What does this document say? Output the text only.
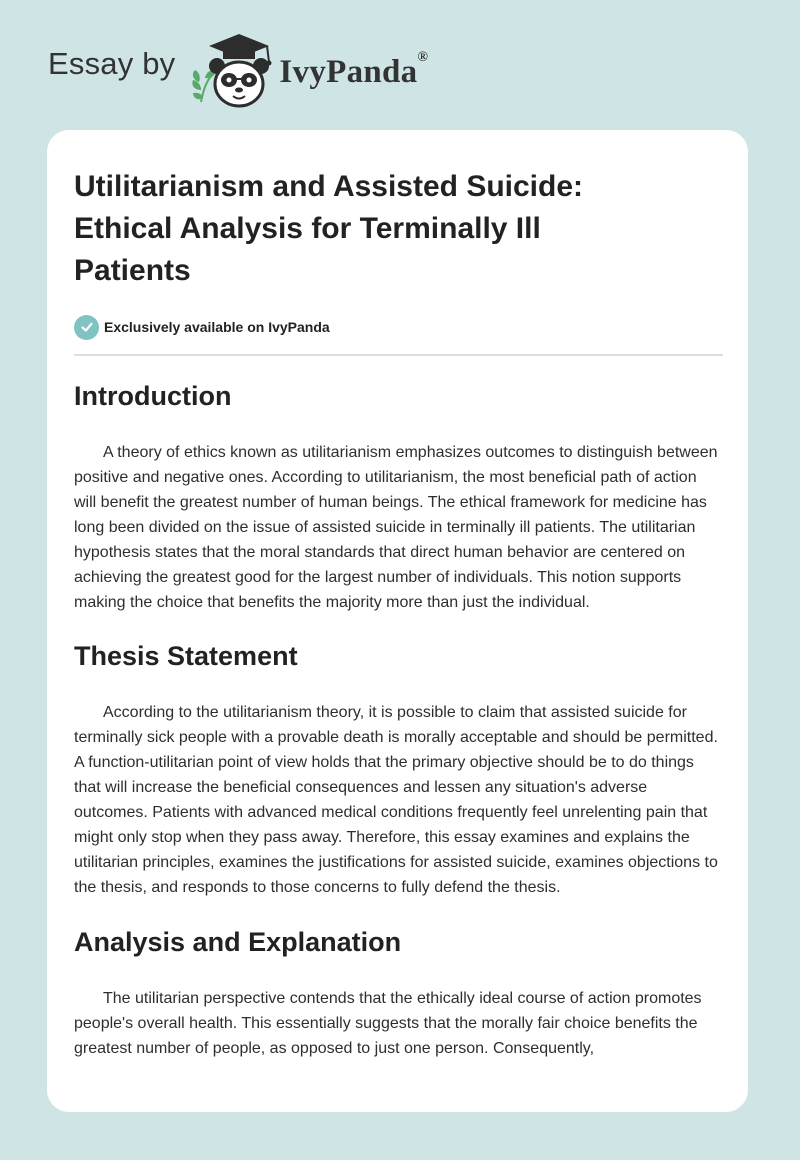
Essay by	IvyPanda®
Utilitarianism and Assisted Suicide: Ethical Analysis for Terminally Ill Patients
Exclusively available on IvyPanda
Introduction

A theory of ethics known as utilitarianism emphasizes outcomes to distinguish between positive and negative ones. According to utilitarianism, the most beneficial path of action will benefit the greatest number of human beings. The ethical framework for medicine has long been divided on the issue of assisted suicide in terminally ill patients. The utilitarian hypothesis states that the moral standards that direct human behavior are centered on achieving the greatest good for the largest number of individuals. This notion supports making the choice that benefits the majority more than just the individual.

Thesis Statement

According to the utilitarianism theory, it is possible to claim that assisted suicide for terminally sick people with a provable death is morally acceptable and should be permitted. A function-utilitarian point of view holds that the primary objective should be to do things that will increase the beneficial consequences and lessen any situation's adverse outcomes. Patients with advanced medical conditions frequently feel unrelenting pain that might only stop when they pass away. Therefore, this essay examines and explains the utilitarian principles, examines the justifications for assisted suicide, examines objections to the thesis, and responds to those concerns to fully defend the thesis.

Analysis and Explanation

The utilitarian perspective contends that the ethically ideal course of action promotes people's overall health. This essentially suggests that the morally fair choice benefits the greatest number of people, as opposed to just one person. Consequently,
